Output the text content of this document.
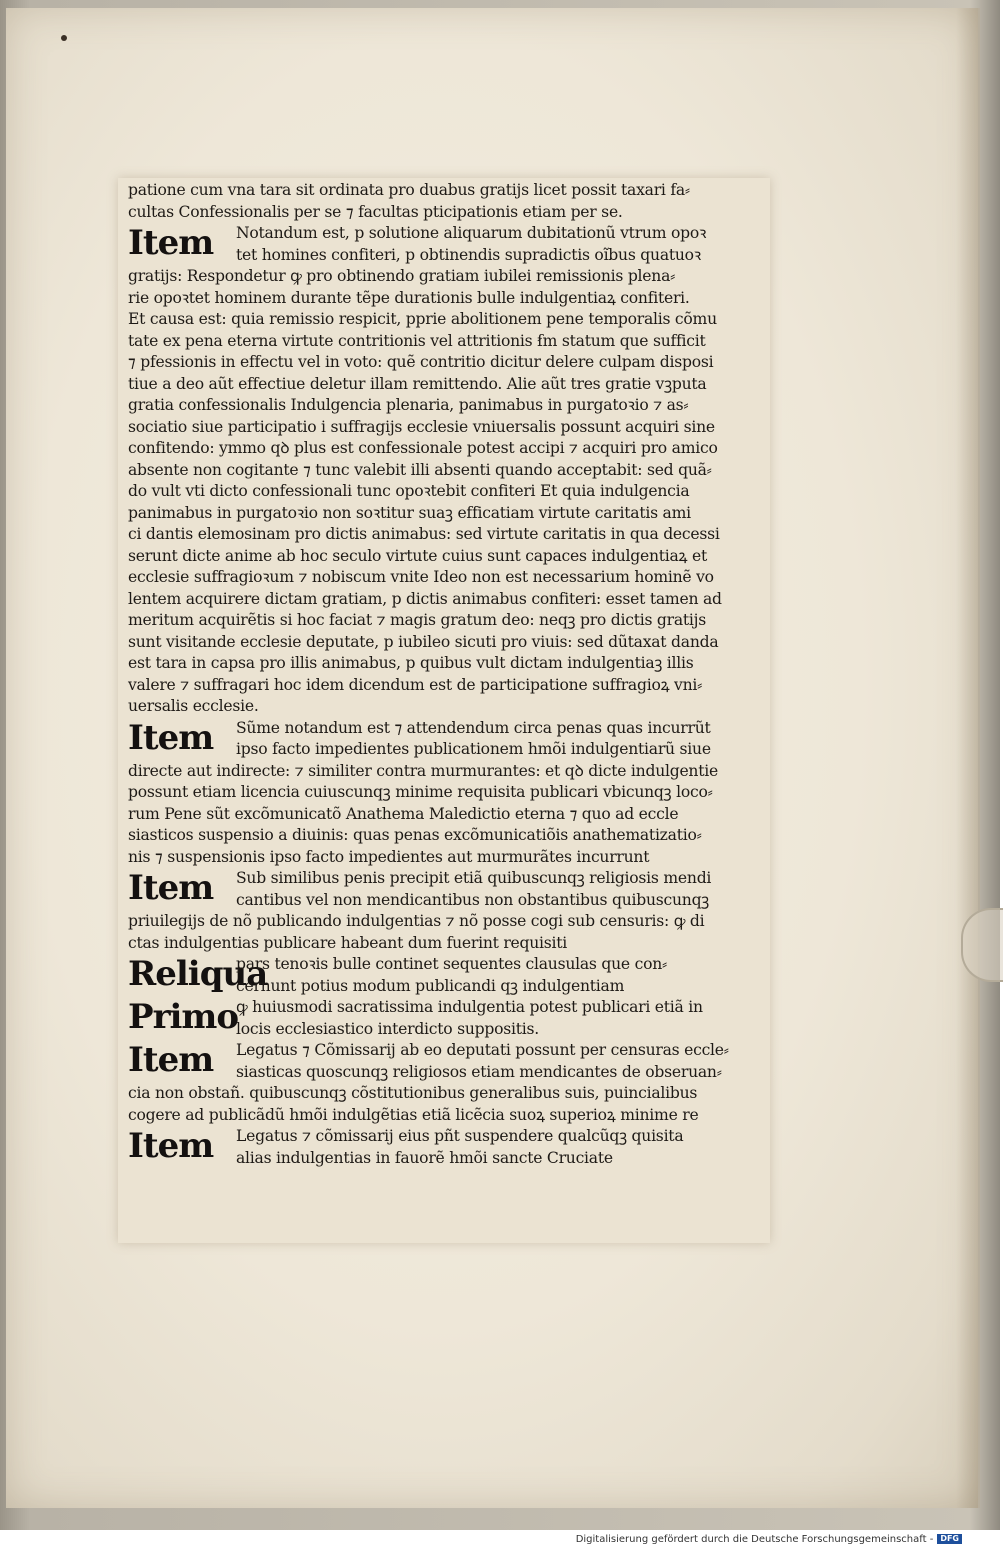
patione cum vna tara sit ordinata pro duabus gratijs licet possit taxari fa⸗
cultas Confessionalis per se ⁊ facultas pticipationis etiam per se.
Item	Notandum est, p solutione aliquarum dubitationũ vtrum opoꝛ
tet homines confiteri, p obtinendis supradictis oĩbus quatuoꝛ
gratijs: Respondetur ꝙ pro obtinendo gratiam iubilei remissionis plena⸗
rie opoꝛtet hominem durante tẽpe durationis bulle indulgentiaꝝ confiteri.
Et causa est: quia remissio respicit, pprie abolitionem pene temporalis cõmu
tate ex pena eterna virtute contritionis vel attritionis ẜm statum que sufficit
⁊ pfessionis in effectu vel in voto: quẽ contritio dicitur delere culpam disposi
tiue a deo aũt effectiue deletur illam remittendo. Alie aũt tres gratie vꝫputa
gratia confessionalis Indulgencia plenaria, panimabus in purgatoꝛio ⁊ as⸗
sociatio siue participatio i suffragijs ecclesie vniuersalis possunt acquiri sine
confitendo: ymmo qꝺ plus est confessionale potest accipi ⁊ acquiri pro amico
absente non cogitante ⁊ tunc valebit illi absenti quando acceptabit: sed quã⸗
do vult vti dicto confessionali tunc opoꝛtebit confiteri Et quia indulgencia
panimabus in purgatoꝛio non soꝛtitur suaꝫ efficatiam virtute caritatis ami
ci dantis elemosinam pro dictis animabus: sed virtute caritatis in qua decessi
serunt dicte anime ab hoc seculo virtute cuius sunt capaces indulgentiaꝝ et
ecclesie suffragioꝛum ⁊ nobiscum vnite Ideo non est necessarium hominẽ vo
lentem acquirere dictam gratiam, p dictis animabus confiteri: esset tamen ad
meritum acquirẽtis si hoc faciat ⁊ magis gratum deo: neqꝫ pro dictis gratijs
sunt visitande ecclesie deputate, p iubileo sicuti pro viuis: sed dũtaxat danda
est tara in capsa pro illis animabus, p quibus vult dictam indulgentiaꝫ illis
valere ⁊ suffragari hoc idem dicendum est de participatione suffragioꝝ vni⸗
uersalis ecclesie.
Item	Sũme notandum est ⁊ attendendum circa penas quas incurrũt
ipso facto impedientes publicationem hmõi indulgentiarũ siue
directe aut indirecte: ⁊ similiter contra murmurantes: et qꝺ dicte indulgentie
possunt etiam licencia cuiuscunqꝫ minime requisita publicari vbicunqꝫ loco⸗
rum Pene sũt excõmunicatõ Anathema Maledictio eterna ⁊ quo ad eccle
siasticos suspensio a diuinis: quas penas excõmunicatiõis anathematizatio⸗
nis ⁊ suspensionis ipso facto impedientes aut murmurãtes incurrunt
Item	Sub similibus penis precipit etiã quibuscunqꝫ religiosis mendi
cantibus vel non mendicantibus non obstantibus quibuscunqꝫ
priuilegijs de nõ publicando indulgentias ⁊ nõ posse cogi sub censuris: ꝙ di
ctas indulgentias publicare habeant dum fuerint requisiti
Reliqua
pars tenoꝛis bulle continet sequentes clausulas que con⸗
cernunt potius modum publicandi qꝫ indulgentiam
Primo
ꝙ huiusmodi sacratissima indulgentia potest publicari etiã in
locis ecclesiastico interdicto suppositis.
Item	Legatus ⁊ Cõmissarij ab eo deputati possunt per censuras eccle⸗
siasticas quoscunqꝫ religiosos etiam mendicantes de obseruan⸗
cia non obstañ. quibuscunqꝫ cõstitutionibus generalibus suis, puincialibus
cogere ad publicãdũ hmõi indulgẽtias etiã licẽcia suoꝝ superioꝝ minime re
Item	Legatus ⁊ cõmissarij eius pñt suspendere qualcũqꝫ quisita
alias indulgentias in fauorẽ hmõi sancte Cruciate
Digitalisierung gefördert durch die Deutsche Forschungsgemeinschaft - DFG
